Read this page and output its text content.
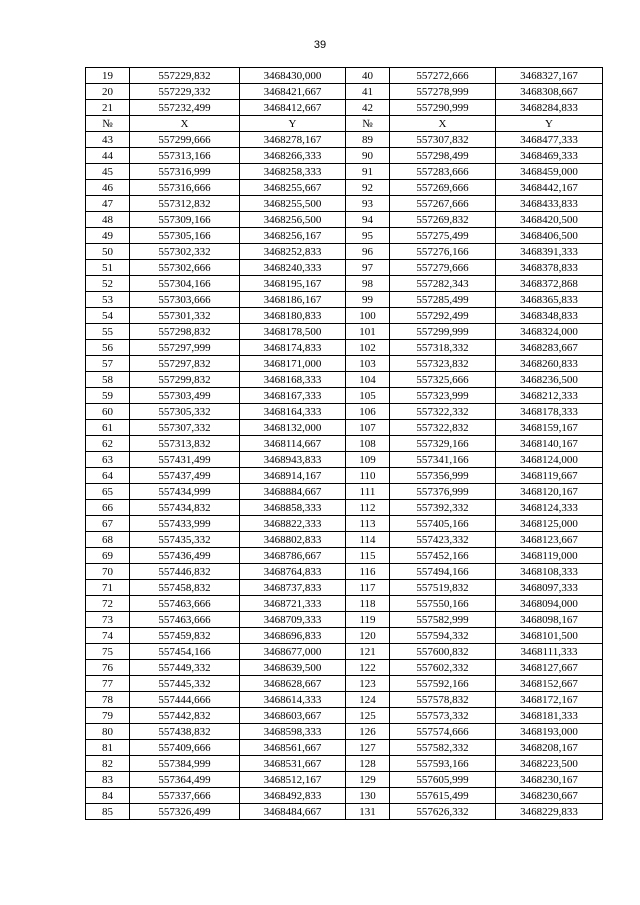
39
19	557229,832	3468430,000	40	557272,666	3468327,167
20	557229,332	3468421,667	41	557278,999	3468308,667
21	557232,499	3468412,667	42	557290,999	3468284,833
№	X	Y	№	X	Y
43	557299,666	3468278,167	89	557307,832	3468477,333
44	557313,166	3468266,333	90	557298,499	3468469,333
45	557316,999	3468258,333	91	557283,666	3468459,000
46	557316,666	3468255,667	92	557269,666	3468442,167
47	557312,832	3468255,500	93	557267,666	3468433,833
48	557309,166	3468256,500	94	557269,832	3468420,500
49	557305,166	3468256,167	95	557275,499	3468406,500
50	557302,332	3468252,833	96	557276,166	3468391,333
51	557302,666	3468240,333	97	557279,666	3468378,833
52	557304,166	3468195,167	98	557282,343	3468372,868
53	557303,666	3468186,167	99	557285,499	3468365,833
54	557301,332	3468180,833	100	557292,499	3468348,833
55	557298,832	3468178,500	101	557299,999	3468324,000
56	557297,999	3468174,833	102	557318,332	3468283,667
57	557297,832	3468171,000	103	557323,832	3468260,833
58	557299,832	3468168,333	104	557325,666	3468236,500
59	557303,499	3468167,333	105	557323,999	3468212,333
60	557305,332	3468164,333	106	557322,332	3468178,333
61	557307,332	3468132,000	107	557322,832	3468159,167
62	557313,832	3468114,667	108	557329,166	3468140,167
63	557431,499	3468943,833	109	557341,166	3468124,000
64	557437,499	3468914,167	110	557356,999	3468119,667
65	557434,999	3468884,667	111	557376,999	3468120,167
66	557434,832	3468858,333	112	557392,332	3468124,333
67	557433,999	3468822,333	113	557405,166	3468125,000
68	557435,332	3468802,833	114	557423,332	3468123,667
69	557436,499	3468786,667	115	557452,166	3468119,000
70	557446,832	3468764,833	116	557494,166	3468108,333
71	557458,832	3468737,833	117	557519,832	3468097,333
72	557463,666	3468721,333	118	557550,166	3468094,000
73	557463,666	3468709,333	119	557582,999	3468098,167
74	557459,832	3468696,833	120	557594,332	3468101,500
75	557454,166	3468677,000	121	557600,832	3468111,333
76	557449,332	3468639,500	122	557602,332	3468127,667
77	557445,332	3468628,667	123	557592,166	3468152,667
78	557444,666	3468614,333	124	557578,832	3468172,167
79	557442,832	3468603,667	125	557573,332	3468181,333
80	557438,832	3468598,333	126	557574,666	3468193,000
81	557409,666	3468561,667	127	557582,332	3468208,167
82	557384,999	3468531,667	128	557593,166	3468223,500
83	557364,499	3468512,167	129	557605,999	3468230,167
84	557337,666	3468492,833	130	557615,499	3468230,667
85	557326,499	3468484,667	131	557626,332	3468229,833
